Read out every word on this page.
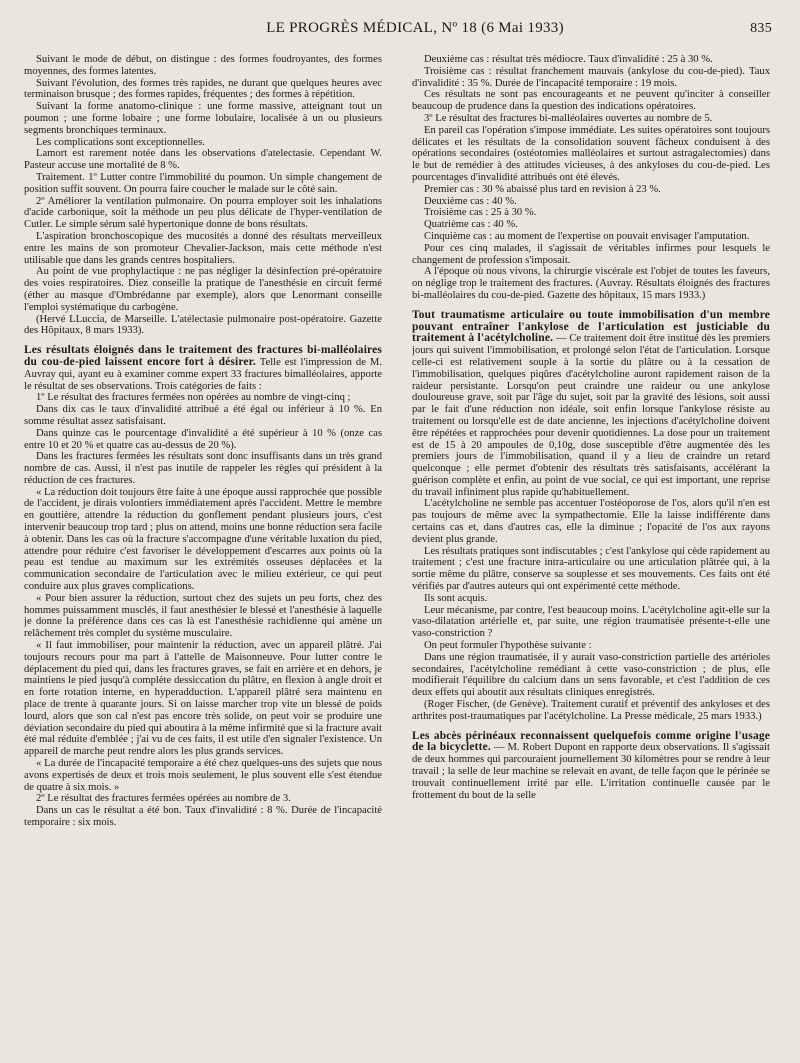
LE PROGRÈS MÉDICAL, Nº 18 (6 Mai 1933)	835

Suivant le mode de début, on distingue : des formes foudroyantes, des formes moyennes, des formes latentes.

Suivant l'évolution, des formes très rapides, ne durant que quelques heures avec terminaison brusque ; des formes rapides, fréquentes ; des formes à répétition.

Suivant la forme anatomo-clinique : une forme massive, atteignant tout un poumon ; une forme lobaire ; une forme lobulaire, localisée à un ou plusieurs segments bronchiques terminaux.

Les complications sont exceptionnelles.

Lamort est rarement notée dans les observations d'atelectasie. Cependant W. Pasteur accuse une mortalité de 8 %.

Traitement. 1º Lutter contre l'immobilité du poumon. Un simple changement de position suffit souvent. On pourra faire coucher le malade sur le côté sain.

2º Améliorer la ventilation pulmonaire. On pourra employer soit les inhalations d'acide carbonique, soit la méthode un peu plus délicate de l'hyper-ventilation de Cutler. Le simple sérum salé hypertonique donne de bons résultats.

L'aspiration bronchoscopique des mucosités a donné des résultats merveilleux entre les mains de son promoteur Chevalier-Jackson, mais cette méthode n'est utilisable que dans les grands centres hospitaliers.

Au point de vue prophylactique : ne pas négliger la désinfection pré-opératoire des voies respiratoires. Diez conseille la pratique de l'anesthésie en circuit fermé (éther au masque d'Ombrédanne par exemple), alors que Lenormant conseille l'emploi systématique du carbogène.

(Hervé LLuccia, de Marseille. L'atélectasie pulmonaire post-opératoire. Gazette des Hôpitaux, 8 mars 1933).

Les résultats éloignés dans le traitement des fractures bi-malléolaires du cou-de-pied laissent encore fort à désirer. Telle est l'impression de M. Auvray qui, ayant eu à examiner comme expert 33 fractures bimalléolaires, apporte le résultat de ses observations. Trois catégories de faits :

1º Le résultat des fractures fermées non opérées au nombre de vingt-cinq ;

Dans dix cas le taux d'invalidité attribué a été égal ou inférieur à 10 %. En somme résultat assez satisfaisant.

Dans quinze cas le pourcentage d'invalidité a été supérieur à 10 % (onze cas entre 10 et 20 % et quatre cas au-dessus de 20 %).

Dans les fractures fermées les résultats sont donc insuffisants dans un très grand nombre de cas. Aussi, il n'est pas inutile de rappeler les règles qui président à la réduction de ces fractures.

« La réduction doit toujours être faite à une époque aussi rapprochée que possible de l'accident, je dirais volontiers immédiatement après l'accident. Mettre le membre en gouttière, attendre la réduction du gonflement pendant plusieurs jours, c'est intervenir beaucoup trop tard ; plus on attend, moins une bonne réduction sera facile à obtenir. Dans les cas où la fracture s'accompagne d'une véritable luxation du pied, attendre pour réduire c'est favoriser le développement d'escarres aux points où la peau est tendue au maximum sur les extrémités osseuses déplacées et la communication secondaire de l'articulation avec le milieu extérieur, ce qui peut conduire aux plus graves complications.

« Pour bien assurer la réduction, surtout chez des sujets un peu forts, chez des hommes puissamment musclés, il faut anesthésier le blessé et l'anesthésie à laquelle je donne la préférence dans ces cas là est l'anesthésie rachidienne qui amène un relâchement très complet du système musculaire.

« Il faut immobiliser, pour maintenir la réduction, avec un appareil plâtré. J'ai toujours recours pour ma part à l'attelle de Maisonneuve. Pour lutter contre le déplacement du pied qui, dans les fractures graves, se fait en arrière et en dehors, je maintiens le pied jusqu'à complète dessiccation du plâtre, en flexion à angle droit et en forte rotation interne, en hyperadduction. L'appareil plâtré sera maintenu en place de trente à quarante jours. Si on laisse marcher trop vite un blessé de poids lourd, alors que son cal n'est pas encore très solide, on peut voir se produire une déviation secondaire du pied qui aboutira à la même infirmité que si la fracture avait été mal réduite d'emblée ; j'ai vu de ces faits, il est utile d'en signaler l'existence. Un appareil de marche peut rendre alors les plus grands services.

« La durée de l'incapacité temporaire a été chez quelques-uns des sujets que nous avons expertisés de deux et trois mois seulement, le plus souvent elle s'est étendue de quatre à six mois. »

2º Le résultat des fractures fermées opérées au nombre de 3.

Dans un cas le résultat a été bon. Taux d'invalidité : 8 %. Durée de l'incapacité temporaire : six mois.

Deuxième cas : résultat très médiocre. Taux d'invalidité : 25 à 30 %.

Troisième cas : résultat franchement mauvais (ankylose du cou-de-pied). Taux d'invalidité : 35 %. Durée de l'incapacité temporaire : 19 mois.

Ces résultats ne sont pas encourageants et ne peuvent qu'inciter à conseiller beaucoup de prudence dans la question des indications opératoires.

3º Le résultat des fractures bi-malléolaires ouvertes au nombre de 5.

En pareil cas l'opération s'impose immédiate. Les suites opératoires sont toujours délicates et les résultats de la consolidation souvent fâcheux conduisent à des opérations secondaires (ostéotomies malléolaires et surtout astragalectomies) dans le but de remédier à des attitudes vicieuses, à des ankyloses du cou-de-pied. Les pourcentages d'invalidité attribués ont été élevés.

Premier cas : 30 % abaissé plus tard en revision à 23 %.

Deuxième cas : 40 %.

Troisième cas : 25 à 30 %.

Quatrième cas : 40 %.

Cinquième cas : au moment de l'expertise on pouvait envisager l'amputation.

Pour ces cinq malades, il s'agissait de véritables infirmes pour lesquels le changement de profession s'imposait.

A l'époque où nous vivons, la chirurgie viscérale est l'objet de toutes les faveurs, on néglige trop le traitement des fractures. (Auvray. Résultats éloignés des fractures bi-malléolaires du cou-de-pied. Gazette des hôpitaux, 15 mars 1933.)

Tout traumatisme articulaire ou toute immobilisation d'un membre pouvant entraîner l'ankylose de l'articulation est justiciable du traitement à l'acétylcholine. — Ce traitement doit être institué dès les premiers jours qui suivent l'immobilisation, et prolongé selon l'état de l'articulation. Lorsque celle-ci est relativement souple à la sortie du plâtre ou à la cessation de l'immobilisation, quelques piqûres d'acétylcholine auront rapidement raison de la raideur persistante. Lorsqu'on peut craindre une raideur ou une ankylose douloureuse grave, soit par l'âge du sujet, soit par la gravité des lésions, soit aussi par le fait d'une réduction non idéale, soit enfin lorsque l'ankylose résiste au traitement ou lorsqu'elle est de date ancienne, les injections d'acétylcholine doivent être répétées et rapprochées pour devenir quotidiennes. La dose pour un traitement est de 15 à 20 ampoules de 0,10g, dose susceptible d'être augmentée dès les premiers jours de l'immobilisation, quand il y a lieu de craindre un retard quelconque ; elle permet d'obtenir des résultats très satisfaisants, accélérant la guérison complète et enfin, au point de vue social, ce qui est important, une reprise du travail infiniment plus rapide qu'habituellement.

L'acétylcholine ne semble pas accentuer l'ostéoporose de l'os, alors qu'il n'en est pas toujours de même avec la sympathectomie. Elle la laisse indifférente dans certains cas et, dans d'autres cas, elle la diminue ; l'opacité de l'os aux rayons devient plus grande.

Les résultats pratiques sont indiscutables ; c'est l'ankylose qui cède rapidement au traitement ; c'est une fracture intra-articulaire ou une articulation plâtrée qui, à la sortie même du plâtre, conserve sa souplesse et ses mouvements. Ces faits ont été vérifiés par d'autres auteurs qui ont expérimenté cette méthode.

Ils sont acquis.

Leur mécanisme, par contre, l'est beaucoup moins. L'acétylcholine agit-elle sur la vaso-dilatation artérielle et, par suite, une région traumatisée présente-t-elle une vaso-constriction ?

On peut formuler l'hypothèse suivante :

Dans une région traumatisée, il y aurait vaso-constriction partielle des artérioles secondaires, l'acétylcholine remédiant à cette vaso-constriction ; de plus, elle modifierait l'équilibre du calcium dans un sens favorable, et c'est l'addition de ces deux effets qui aboutit aux résultats cliniques enregistrés.

(Roger Fischer, (de Genève). Traitement curatif et préventif des ankyloses et des arthrites post-traumatiques par l'acétylcholine. La Presse médicale, 25 mars 1933.)

Les abcès périnéaux reconnaissent quelquefois comme origine l'usage de la bicyclette. — M. Robert Dupont en rapporte deux observations. Il s'agissait de deux hommes qui parcouraient journellement 30 kilomètres pour se rendre à leur travail ; la selle de leur machine se relevait en avant, de telle façon que le périnée se trouvait continuellement irrité par elle. L'irritation continuelle causée par le frottement du bout de la selle
